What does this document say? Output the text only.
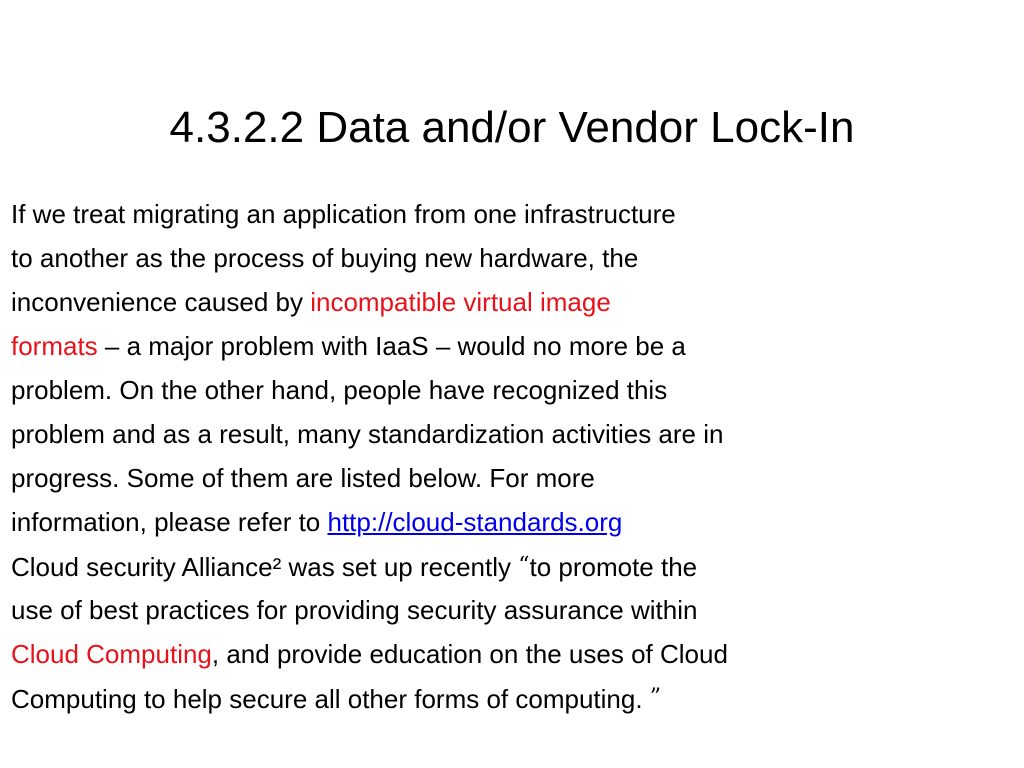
4.3.2.2 Data and/or Vendor Lock-In
If we treat migrating an application from one infrastructure
to another as the process of buying new hardware, the
inconvenience caused by incompatible virtual image
formats – a major problem with IaaS – would no more be a
problem. On the other hand, people have recognized this
problem and as a result, many standardization activities are in
progress. Some of them are listed below. For more
information, please refer to http://cloud-standards.org
Cloud security Alliance² was set up recently “to promote the
use of best practices for providing security assurance within
Cloud Computing, and provide education on the uses of Cloud
Computing to help secure all other forms of computing. ”
